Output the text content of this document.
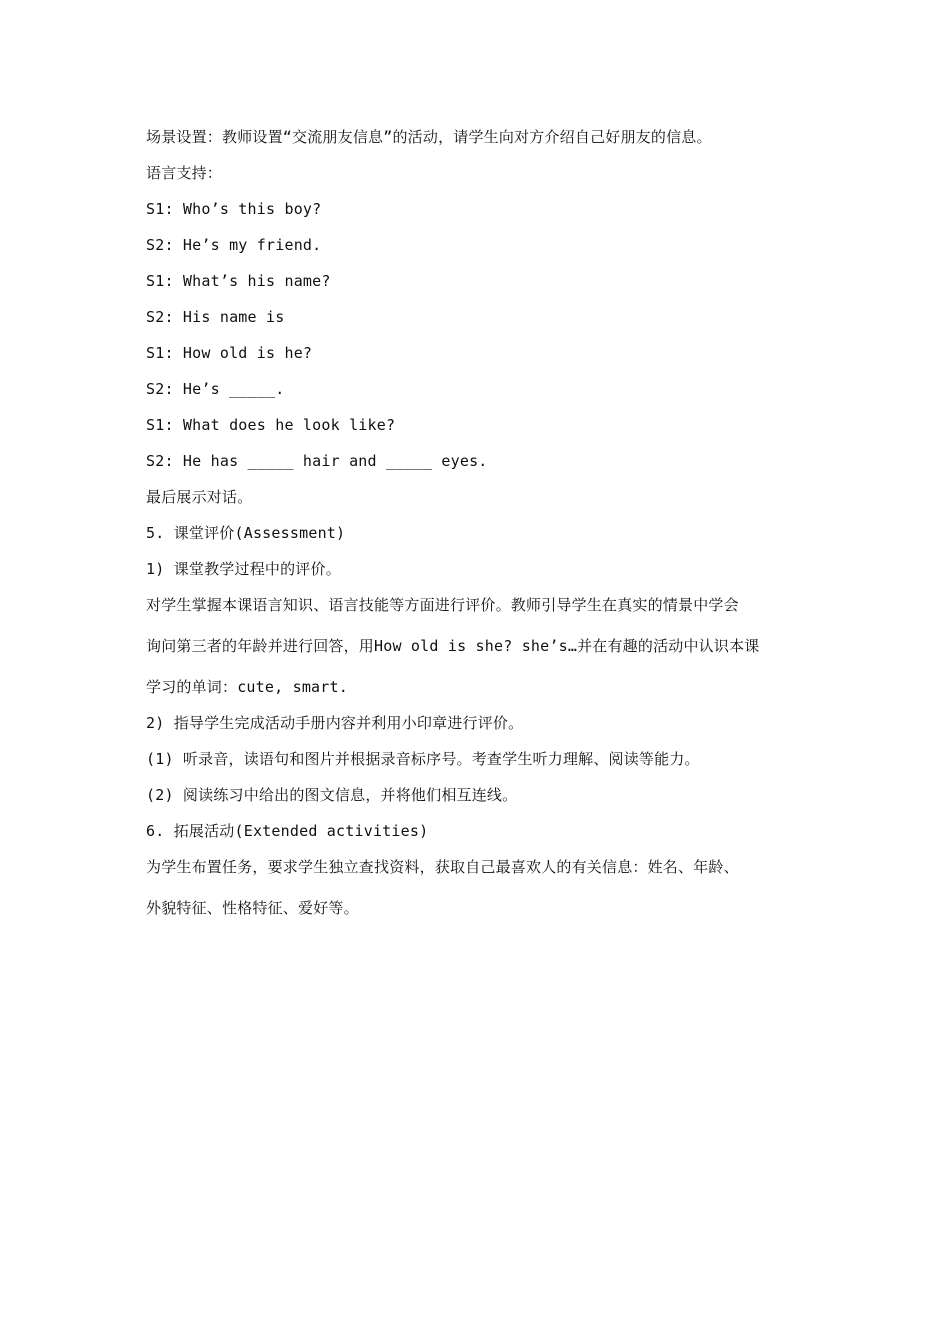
场景设置：教师设置“交流朋友信息”的活动，请学生向对方介绍自己好朋友的信息。
语言支持：
S1: Who’s this boy?
S2: He’s my friend.
S1: What’s his name?
S2: His name is
S1: How old is he?
S2: He’s _____.
S1: What does he look like?
S2: He has _____ hair and _____ eyes.
最后展示对话。
5. 课堂评价(Assessment)
1) 课堂教学过程中的评价。
对学生掌握本课语言知识、语言技能等方面进行评价。教师引导学生在真实的情景中学会
询问第三者的年龄并进行回答，用How old is she? she’s…并在有趣的活动中认识本课
学习的单词：cute, smart.
2) 指导学生完成活动手册内容并利用小印章进行评价。
(1) 听录音，读语句和图片并根据录音标序号。考查学生听力理解、阅读等能力。
(2) 阅读练习中给出的图文信息，并将他们相互连线。
6. 拓展活动(Extended activities)
为学生布置任务，要求学生独立查找资料，获取自己最喜欢人的有关信息：姓名、年龄、
外貌特征、性格特征、爱好等。
